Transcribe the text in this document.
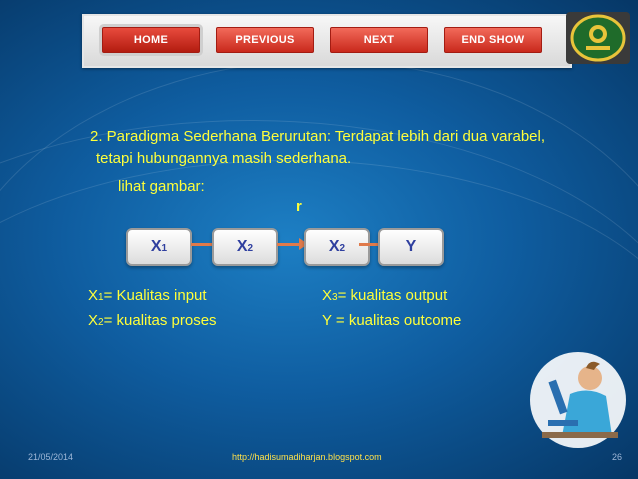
HOME	PREVIOUS	NEXT	END SHOW
2. Paradigma Sederhana Berurutan: Terdapat lebih dari dua varabel,
tetapi hubungannya masih sederhana.
lihat gambar:
r
X1	X2	X2	Y
X1= Kualitas input
X2= kualitas proses
X3= kualitas output
Y = kualitas outcome
21/05/2014	http://hadisumadiharjan.blogspot.com	26
